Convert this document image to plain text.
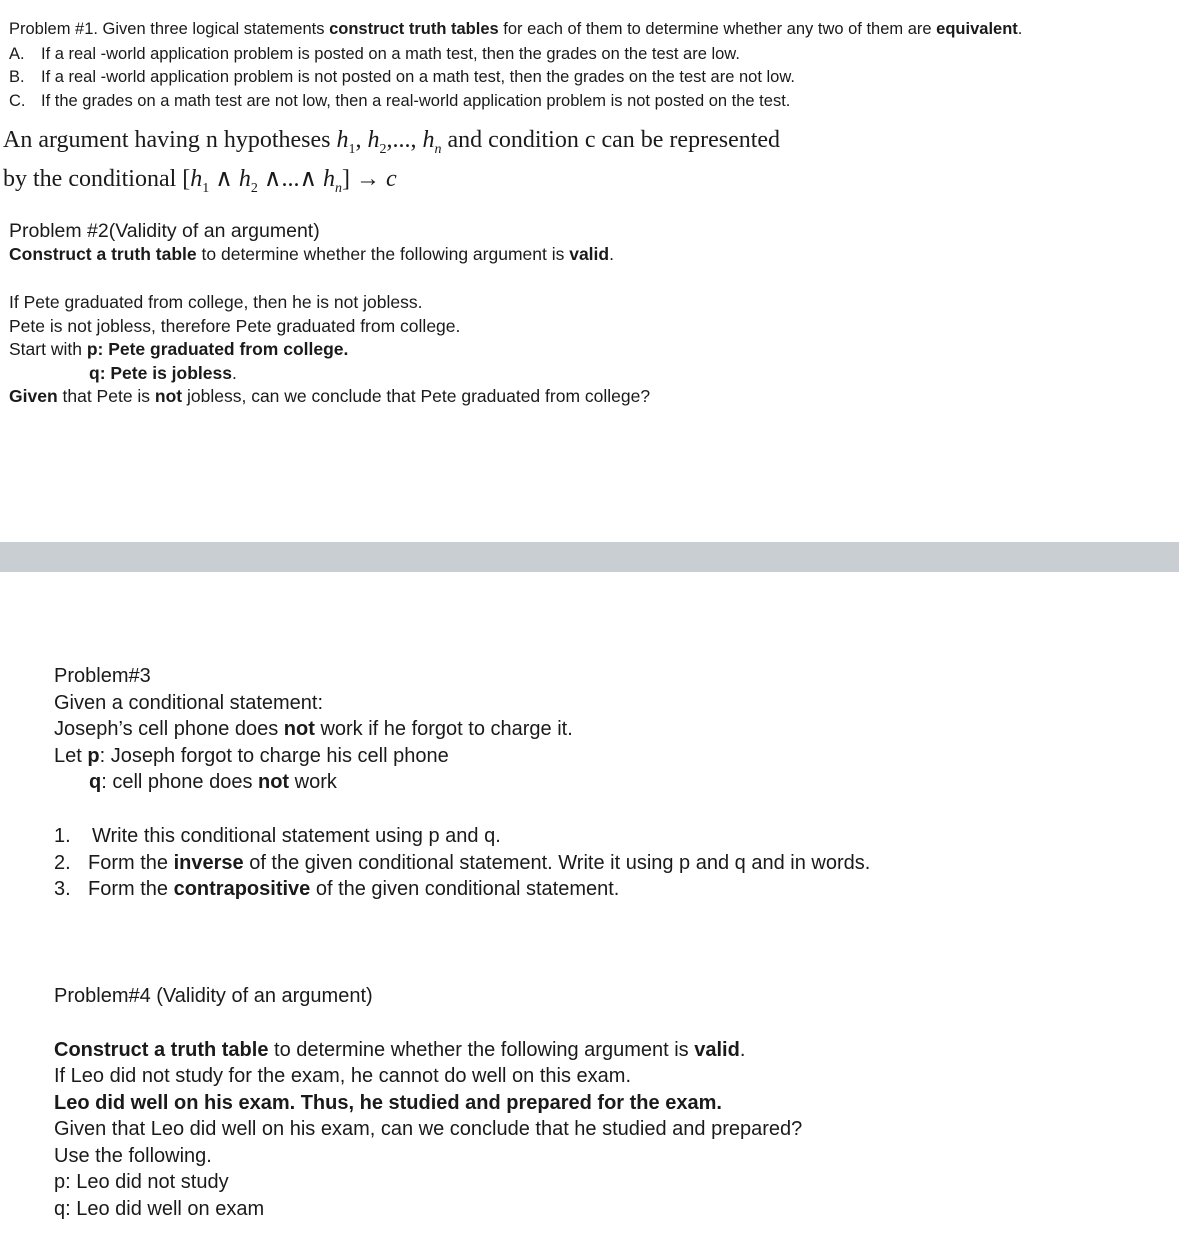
Problem #1. Given three logical statements construct truth tables for each of them to determine whether any two of them are equivalent.
A. If a real -world application problem is posted on a math test, then the grades on the test are low.
B. If a real -world application problem is not posted on a math test, then the grades on the test are not low.
C. If the grades on a math test are not low, then a real-world application problem is not posted on the test.
An argument having n hypotheses $h_1$, $h_2$,..., $h_n$ and condition c can be represented
by the conditional [$h_1$ ∧ $h_2$ ∧...∧ $h_n] \to c$
Problem #2(Validity of an argument)
Construct a truth table to determine whether the following argument is valid.
If Pete graduated from college, then he is not jobless.
Pete is not jobless, therefore Pete graduated from college.
Start with p: Pete graduated from college.
q: Pete is jobless.
Given that Pete is not jobless, can we conclude that Pete graduated from college?
Problem#3
Given a conditional statement:
Joseph’s cell phone does not work if he forgot to charge it.
Let p: Joseph forgot to charge his cell phone
q: cell phone does not work
1. Write this conditional statement using p and q.
2. Form the inverse of the given conditional statement. Write it using p and q and in words.
3. Form the contrapositive of the given conditional statement.
Problem#4 (Validity of an argument)
Construct a truth table to determine whether the following argument is valid.
If Leo did not study for the exam, he cannot do well on this exam.
Leo did well on his exam. Thus, he studied and prepared for the exam.
Given that Leo did well on his exam, can we conclude that he studied and prepared?
Use the following.
p: Leo did not study
q: Leo did well on exam
